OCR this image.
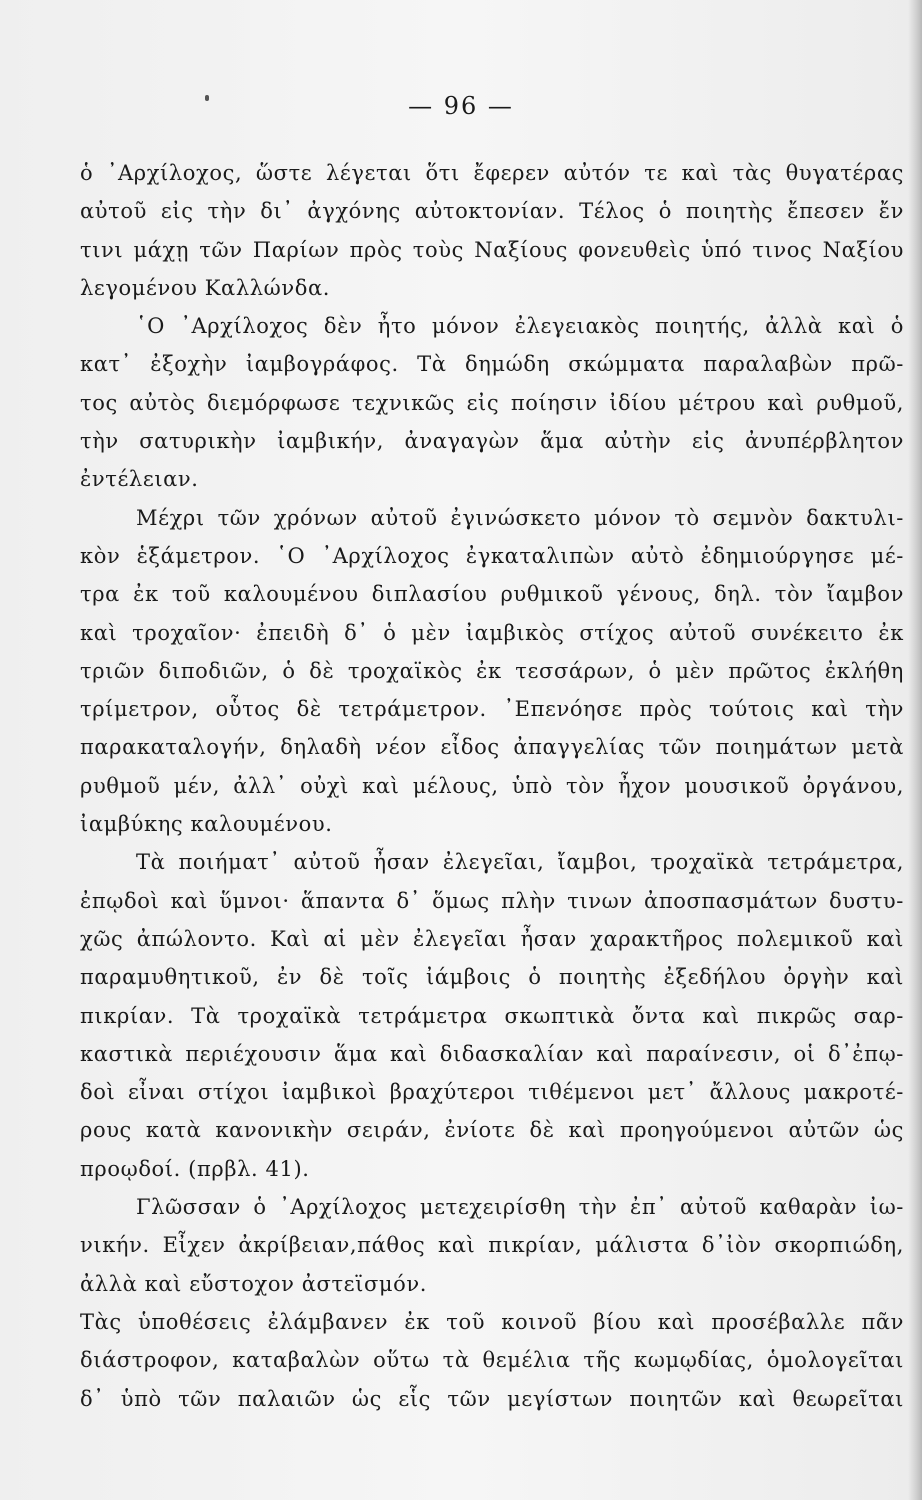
— 96 —
ὁ ᾿Αρχίλοχος, ὥστε λέγεται ὅτι ἔφερεν αὐτόν τε καὶ τὰς θυγατέρας
αὐτοῦ εἰς τὴν δι᾿ ἀγχόνης αὐτοκτονίαν. Τέλος ὁ ποιητὴς ἔπεσεν ἔν
τινι μάχῃ τῶν Παρίων πρὸς τοὺς Ναξίους φονευθεὶς ὑπό τινος Ναξίου
λεγομένου Καλλώνδα.
῾Ο ᾿Αρχίλοχος δὲν ἦτο μόνον ἐλεγειακὸς ποιητής, ἀλλὰ καὶ ὁ
κατ᾿ ἐξοχὴν ἰαμβογράφος. Τὰ δημώδη σκώμματα παραλαβὼν πρῶ-
τος αὐτὸς διεμόρφωσε τεχνικῶς εἰς ποίησιν ἰδίου μέτρου καὶ ρυθμοῦ,
τὴν σατυρικὴν ἰαμβικήν, ἀναγαγὼν ἅμα αὐτὴν εἰς ἀνυπέρβλητον
ἐντέλειαν.
Μέχρι τῶν χρόνων αὐτοῦ ἐγινώσκετο μόνον τὸ σεμνὸν δακτυλι-
κὸν ἑξάμετρον. ῾Ο ᾿Αρχίλοχος ἐγκαταλιπὼν αὐτὸ ἐδημιούργησε μέ-
τρα ἐκ τοῦ καλουμένου διπλασίου ρυθμικοῦ γένους, δηλ. τὸν ἴαμβον
καὶ τροχαῖον· ἐπειδὴ δ᾿ ὁ μὲν ἰαμβικὸς στίχος αὐτοῦ συνέκειτο ἐκ
τριῶν διποδιῶν, ὁ δὲ τροχαϊκὸς ἐκ τεσσάρων, ὁ μὲν πρῶτος ἐκλήθη
τρίμετρον, οὗτος δὲ τετράμετρον. ᾿Επενόησε πρὸς τούτοις καὶ τὴν
παρακαταλογήν, δηλαδὴ νέον εἶδος ἀπαγγελίας τῶν ποιημάτων μετὰ
ρυθμοῦ μέν, ἀλλ᾿ οὐχὶ καὶ μέλους, ὑπὸ τὸν ἦχον μουσικοῦ ὀργάνου,
ἰαμβύκης καλουμένου.
Τὰ ποιήματ᾿ αὐτοῦ ἦσαν ἐλεγεῖαι, ἴαμβοι, τροχαϊκὰ τετράμετρα,
ἐπῳδοὶ καὶ ὕμνοι· ἅπαντα δ᾿ ὅμως πλὴν τινων ἀποσπασμάτων δυστυ-
χῶς ἀπώλοντο. Καὶ αἱ μὲν ἐλεγεῖαι ἦσαν χαρακτῆρος πολεμικοῦ καὶ
παραμυθητικοῦ, ἐν δὲ τοῖς ἰάμβοις ὁ ποιητὴς ἐξεδήλου ὀργὴν καὶ
πικρίαν. Τὰ τροχαϊκὰ τετράμετρα σκωπτικὰ ὄντα καὶ πικρῶς σαρ-
καστικὰ περιέχουσιν ἅμα καὶ διδασκαλίαν καὶ παραίνεσιν, οἱ δ᾿ἐπῳ-
δοὶ εἶναι στίχοι ἰαμβικοὶ βραχύτεροι τιθέμενοι μετ᾿ ἄλλους μακροτέ-
ρους κατὰ κανονικὴν σειράν, ἐνίοτε δὲ καὶ προηγούμενοι αὐτῶν ὡς
προῳδοί. (πρβλ. 41).
Γλῶσσαν ὁ ᾿Αρχίλοχος μετεχειρίσθη τὴν ἐπ᾿ αὐτοῦ καθαρὰν ἰω-
νικήν. Εἶχεν ἀκρίβειαν,πάθος καὶ πικρίαν, μάλιστα δ᾿ἰὸν σκορπιώδη,
ἀλλὰ καὶ εὔστοχον ἀστεϊσμόν.
Τὰς ὑποθέσεις ἐλάμβανεν ἐκ τοῦ κοινοῦ βίου καὶ προσέβαλλε πᾶν
διάστροφον, καταβαλὼν οὕτω τὰ θεμέλια τῆς κωμῳδίας, ὁμολογεῖται
δ᾿ ὑπὸ τῶν παλαιῶν ὡς εἷς τῶν μεγίστων ποιητῶν καὶ θεωρεῖται
